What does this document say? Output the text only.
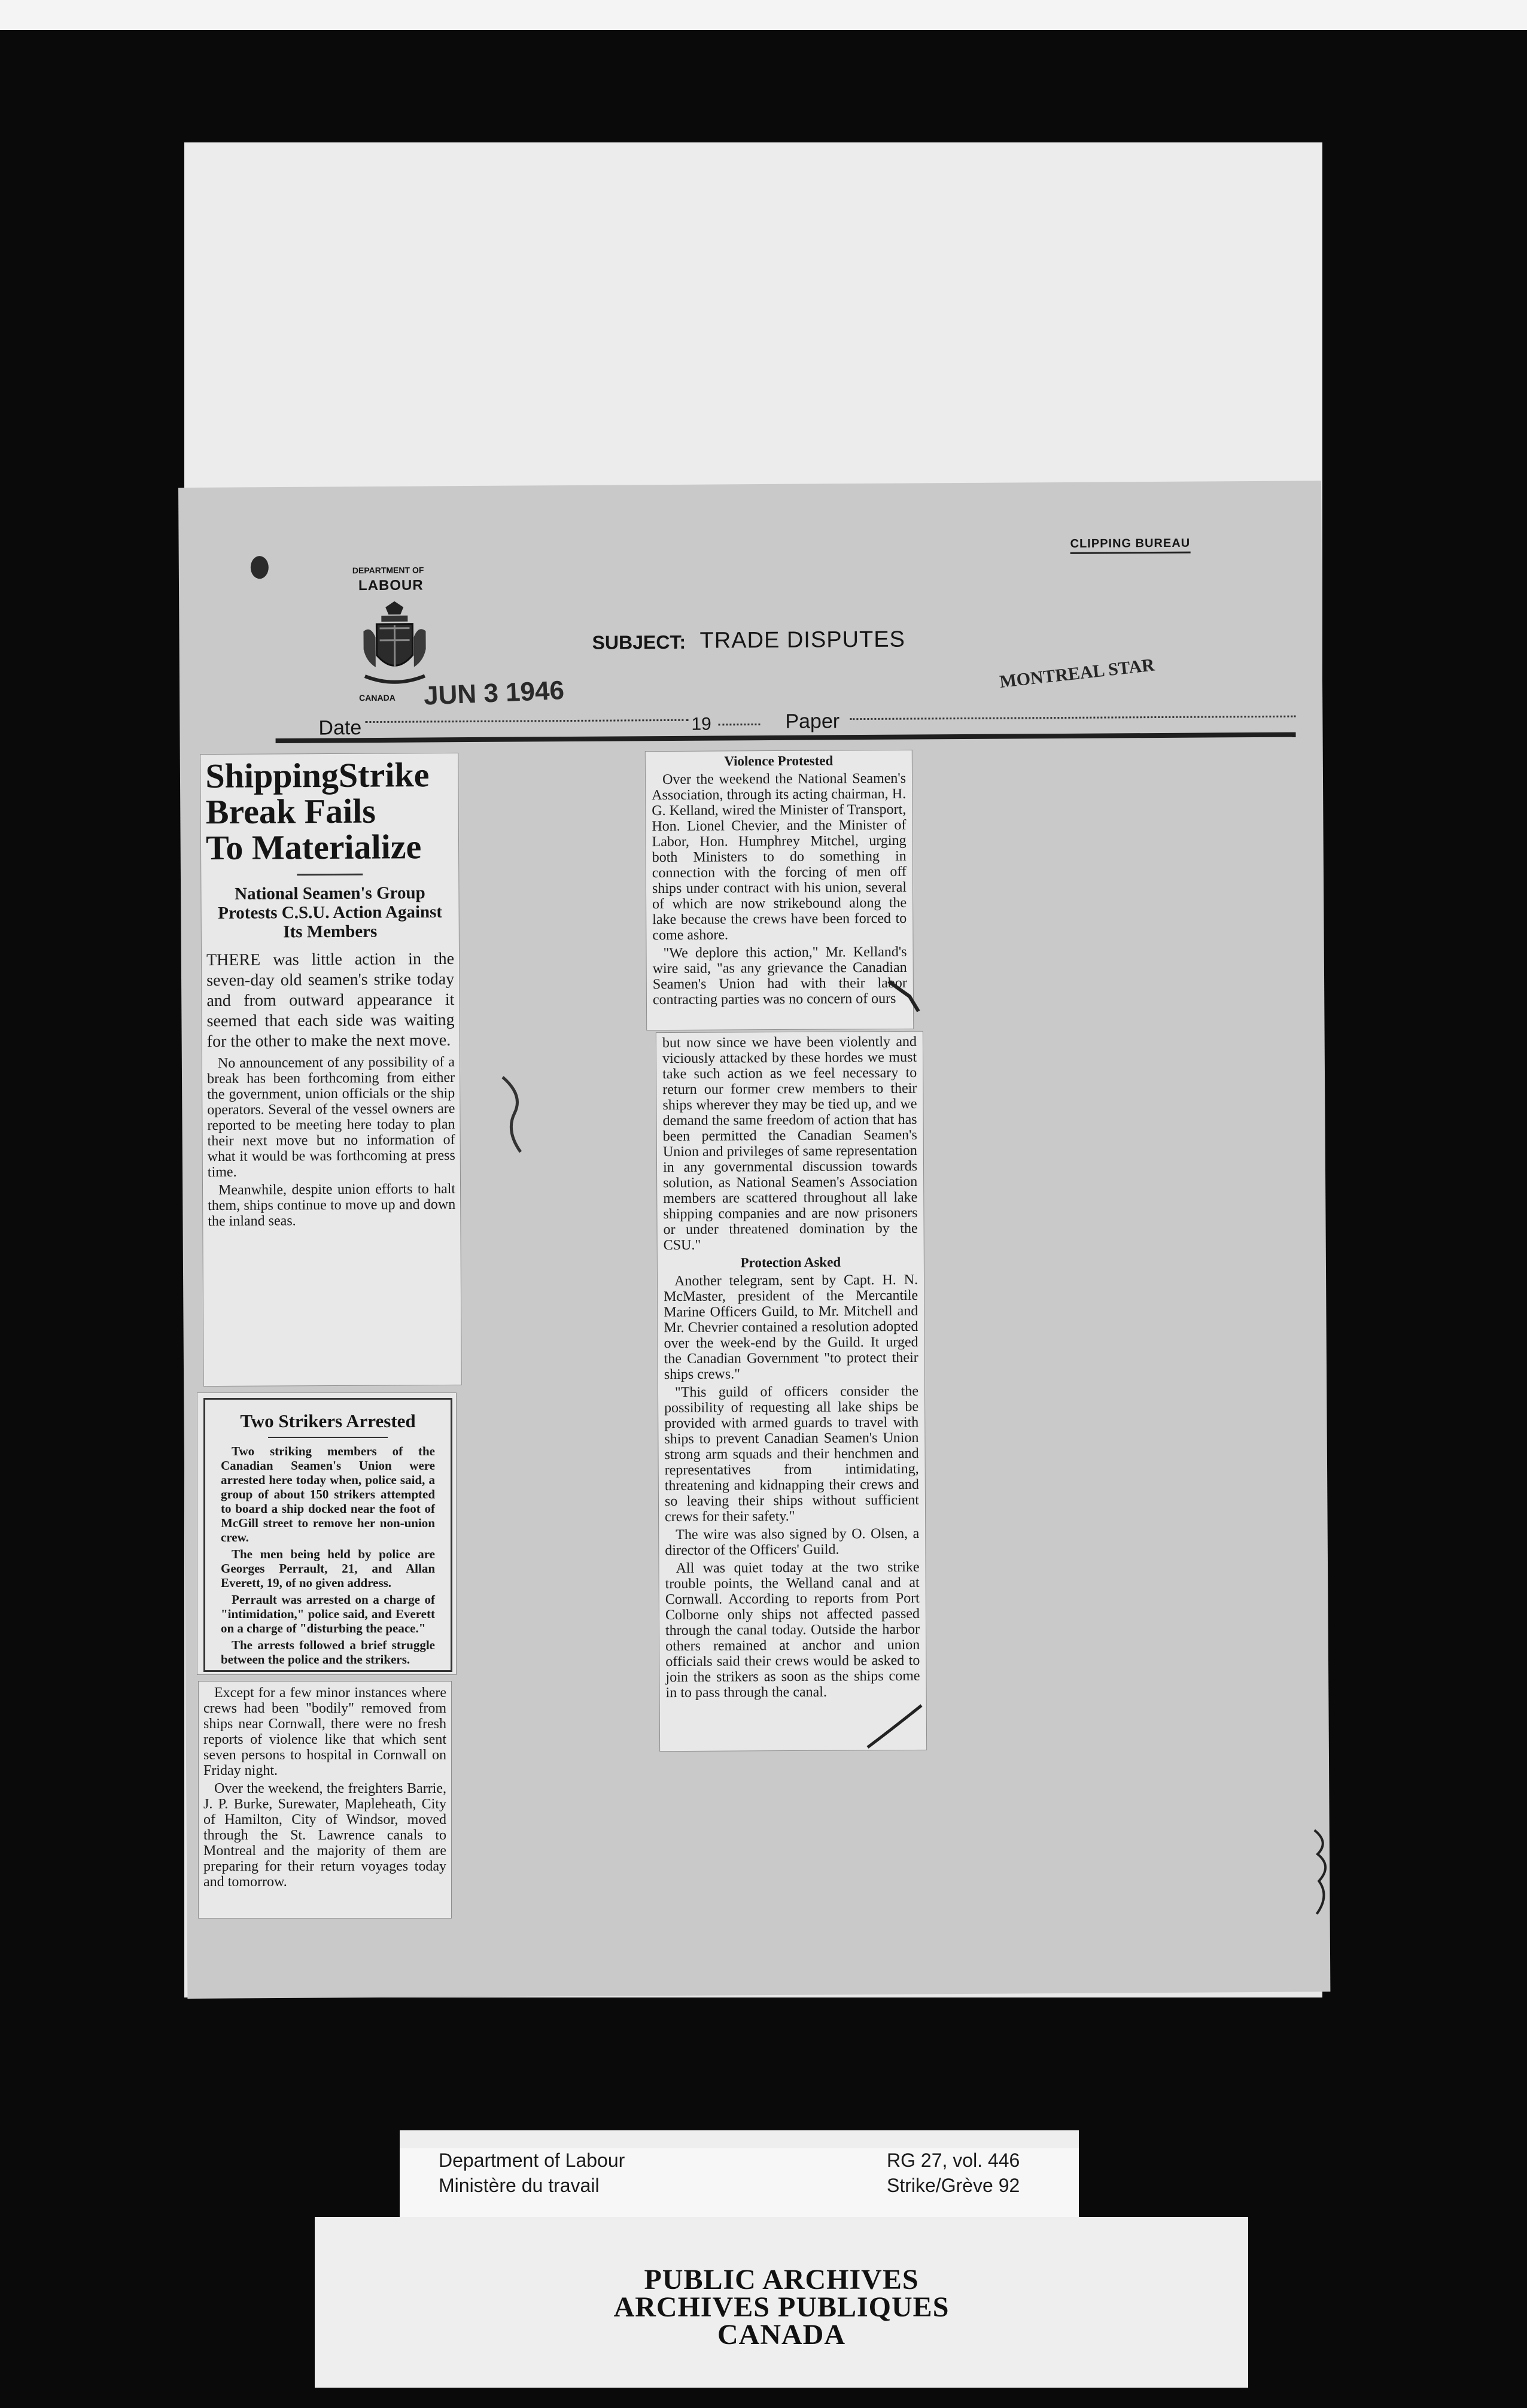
CLIPPING BUREAU
DEPARTMENT OF
LABOUR
CANADA
SUBJECT: TRADE DISPUTES
Date
JUN 3 1946
19	Paper
MONTREAL STAR
ShippingStrike
Break Fails
To Materialize
National Seamen's Group Protests C.S.U. Action Against Its Members
THERE was little action in the seven-day old seamen's strike today and from outward appearance it seemed that each side was waiting for the other to make the next move.

No announcement of any possibility of a break has been forthcoming from either the government, union officials or the ship operators. Several of the vessel owners are reported to be meeting here today to plan their next move but no information of what it would be was forthcoming at press time.

Meanwhile, despite union efforts to halt them, ships continue to move up and down the inland seas.

Two Strikers Arrested

Two striking members of the Canadian Seamen's Union were arrested here today when, police said, a group of about 150 strikers attempted to board a ship docked near the foot of McGill street to remove her non-union crew.

The men being held by police are Georges Perrault, 21, and Allan Everett, 19, of no given address.

Perrault was arrested on a charge of "intimidation," police said, and Everett on a charge of "disturbing the peace."

The arrests followed a brief struggle between the police and the strikers.

Except for a few minor instances where crews had been "bodily" removed from ships near Cornwall, there were no fresh reports of violence like that which sent seven persons to hospital in Cornwall on Friday night.

Over the weekend, the freighters Barrie, J. P. Burke, Surewater, Mapleheath, City of Hamilton, City of Windsor, moved through the St. Lawrence canals to Montreal and the majority of them are preparing for their return voyages today and tomorrow.

Violence Protested

Over the weekend the National Seamen's Association, through its acting chairman, H. G. Kelland, wired the Minister of Transport, Hon. Lionel Chevier, and the Minister of Labor, Hon. Humphrey Mitchel, urging both Ministers to do something in connection with the forcing of men off ships under contract with his union, several of which are now strikebound along the lake because the crews have been forced to come ashore.

"We deplore this action," Mr. Kelland's wire said, "as any grievance the Canadian Seamen's Union had with their labor contracting parties was no concern of ours

but now since we have been violently and viciously attacked by these hordes we must take such action as we feel necessary to return our former crew members to their ships wherever they may be tied up, and we demand the same freedom of action that has been permitted the Canadian Seamen's Union and privileges of same representation in any governmental discussion towards solution, as National Seamen's Association members are scattered throughout all lake shipping companies and are now prisoners or under threatened domination by the CSU."

Protection Asked

Another telegram, sent by Capt. H. N. McMaster, president of the Mercantile Marine Officers Guild, to Mr. Mitchell and Mr. Chevrier contained a resolution adopted over the week-end by the Guild. It urged the Canadian Government "to protect their ships crews."

"This guild of officers consider the possibility of requesting all lake ships be provided with armed guards to travel with ships to prevent Canadian Seamen's Union strong arm squads and their henchmen and representatives from intimidating, threatening and kidnapping their crews and so leaving their ships without sufficient crews for their safety."

The wire was also signed by O. Olsen, a director of the Officers' Guild.

All was quiet today at the two strike trouble points, the Welland canal and at Cornwall. According to reports from Port Colborne only ships not affected passed through the canal today. Outside the harbor others remained at anchor and union officials said their crews would be asked to join the strikers as soon as the ships come in to pass through the canal.

Department of Labour
Ministère du travail
RG 27, vol. 446
Strike/Grève 92
PUBLIC ARCHIVES
ARCHIVES PUBLIQUES
CANADA
